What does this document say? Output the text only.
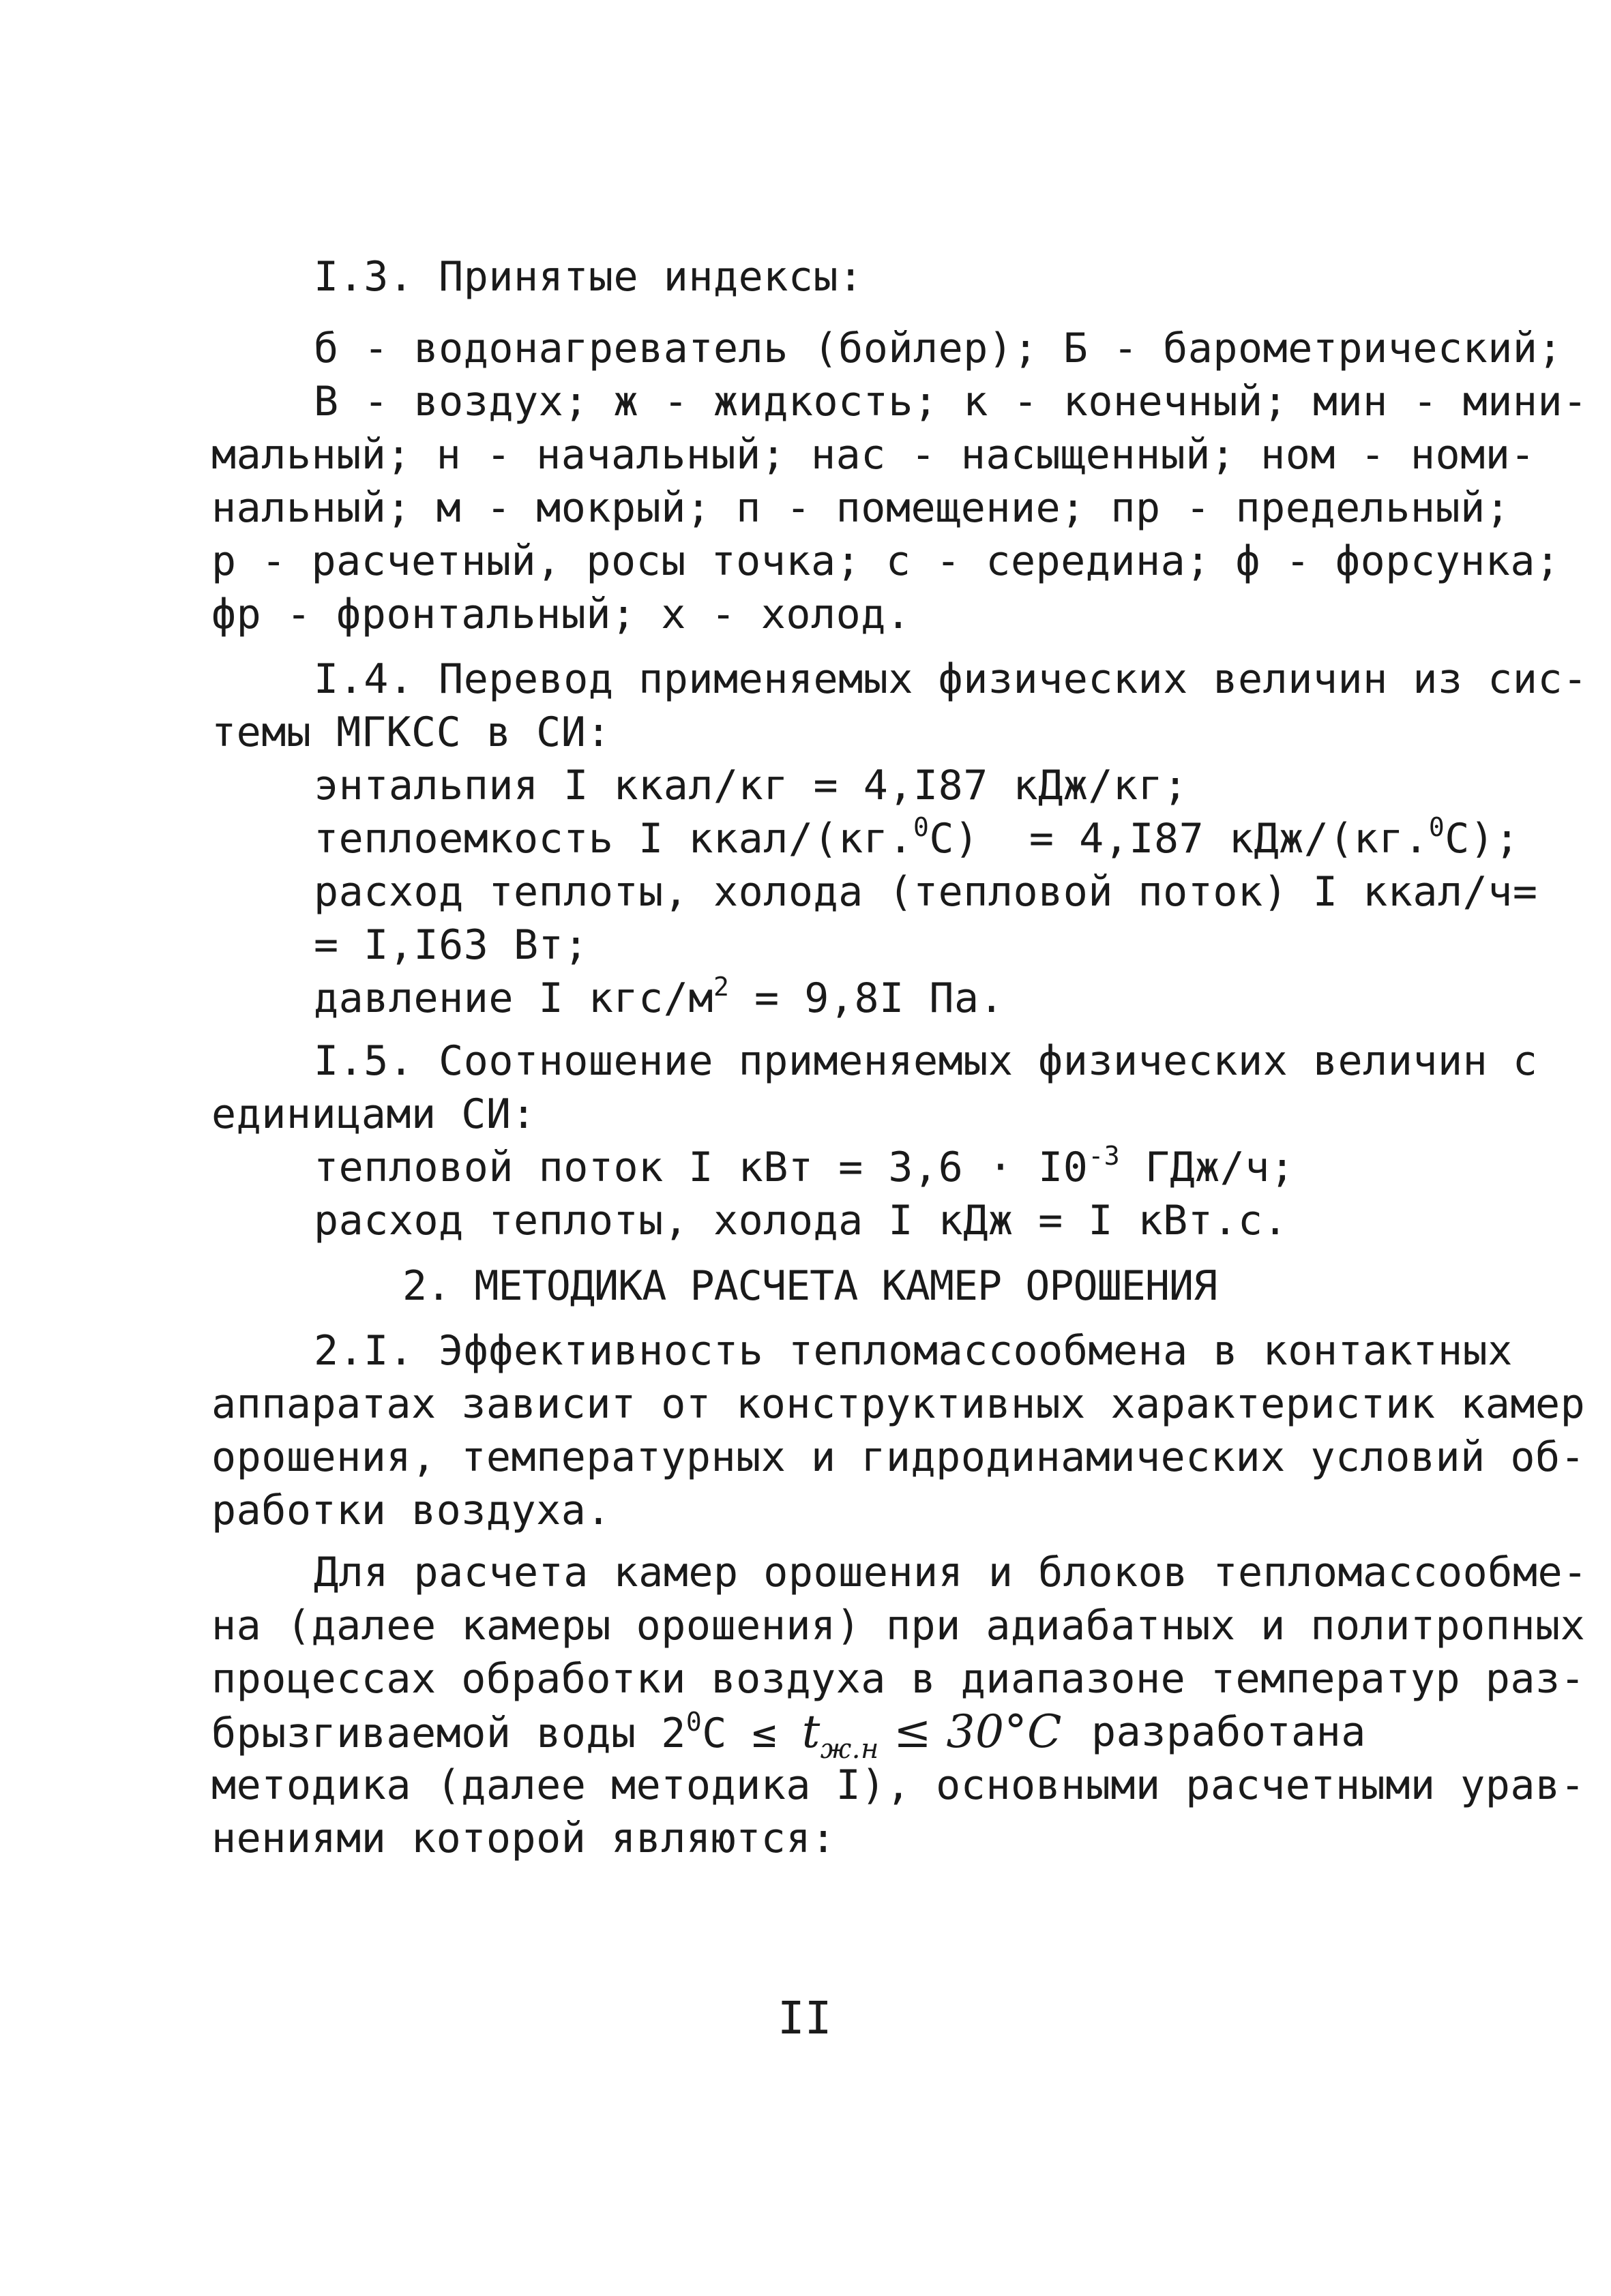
I.3. Принятые индексы:
б - водонагреватель (бойлер); Б - барометрический;
В - воздух; ж - жидкость; к - конечный; мин - мини-
мальный; н - начальный; нас - насыщенный; ном - номи-
нальный; м - мокрый; п - помещение; пр - предельный;
р - расчетный, росы точка; с - середина; ф - форсунка;
фр - фронтальный; х - холод.
I.4. Перевод применяемых физических величин из сис-
темы МГКСС в СИ:
энтальпия I ккал/кг = 4,I87 кДж/кг;
теплоемкость I ккал/(кг.$^0$C)  = 4,I87 кДж/(кг.$^0$C);
расход теплоты, холода (тепловой поток) I ккал/ч=
= I,I63 Вт;
давление I кгс/$м^2 = 9,8I$ Па.
I.5. Соотношение применяемых физических величин с
единицами СИ:
тепловой поток I кВт = $3,6 \cdot I0^{-3}$ ГДж/ч;
расход теплоты, холода I кДж = I кВт.с.
2. МЕТОДИКА РАСЧЕТА КАМЕР ОРОШЕНИЯ
2.I. Эффективность тепломассообмена в контактных
аппаратах зависит от конструктивных характеристик камер
орошения, температурных и гидродинамических условий об-
работки воздуха.
Для расчета камер орошения и блоков тепломассообме-
на (далее камеры орошения) при адиабатных и политропных
процессах обработки воздуха в диапазоне температур раз-
брызгиваемой воды $2^0C \le t_{ж.н} \le 30^\circ C$ разработана
методика (далее методика I), основными расчетными урав-
нениями которой являются:
II
